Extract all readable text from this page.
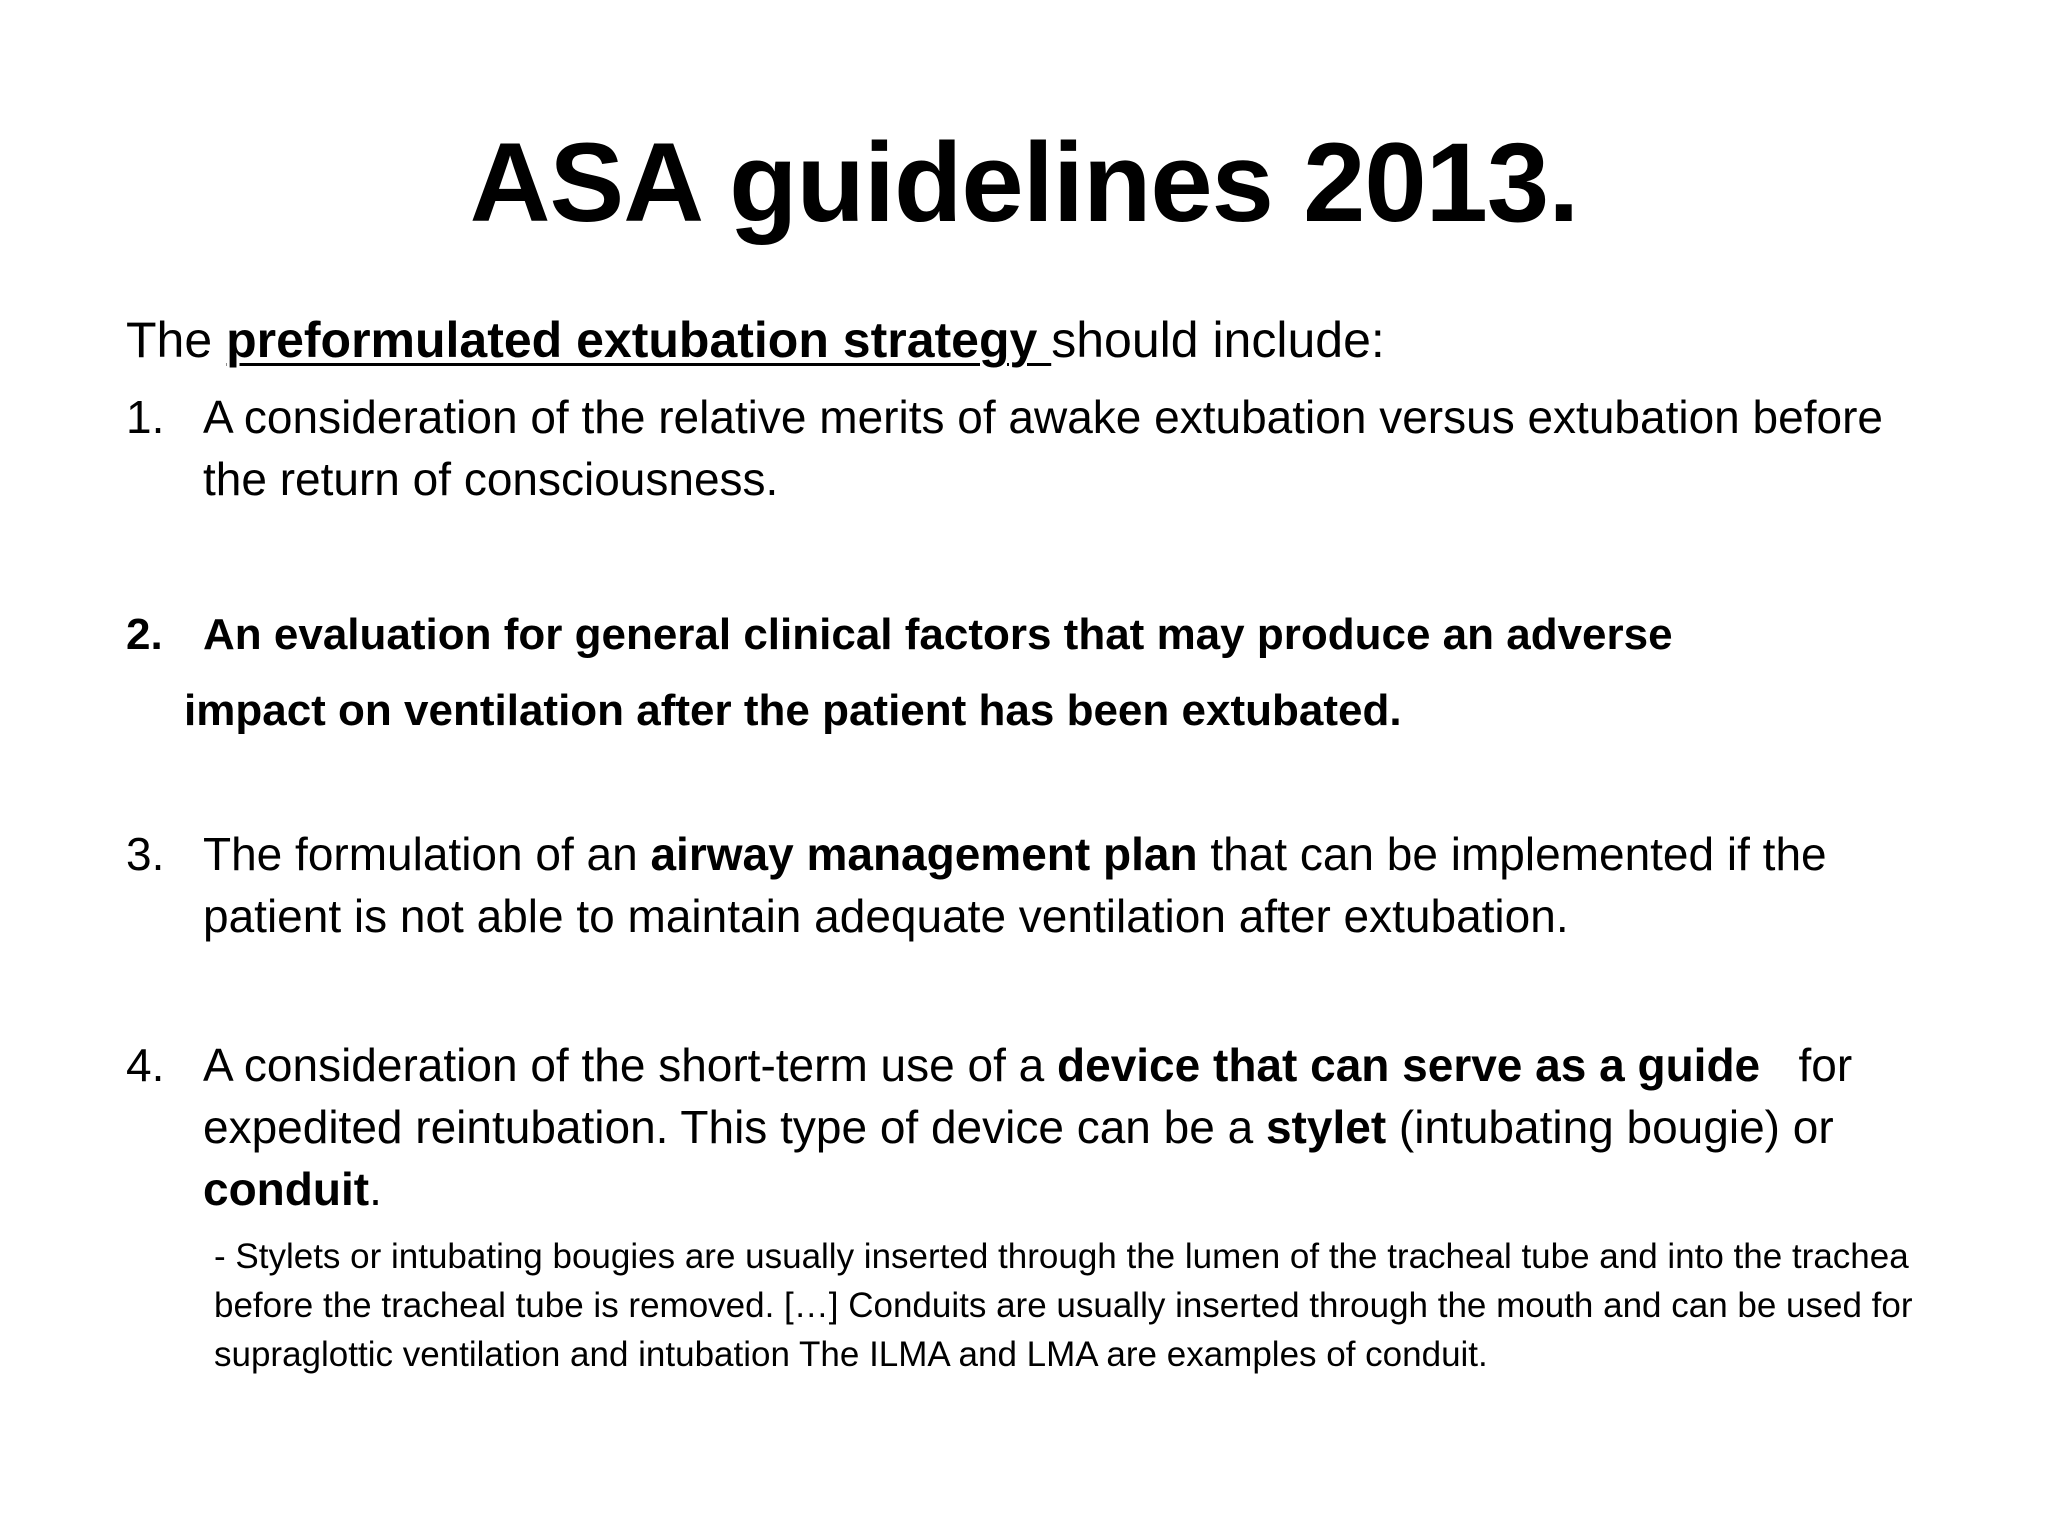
ASA guidelines 2013.
The preformulated extubation strategy should include:
1. A consideration of the relative merits of awake extubation versus extubation before the return of consciousness.
2. An evaluation for general clinical factors that may produce an adverse
impact on ventilation after the patient has been extubated.
3. The formulation of an airway management plan that can be implemented if the patient is not able to maintain adequate ventilation after extubation.
4. A consideration of the short-term use of a device that can serve as a guide   for expedited reintubation. This type of device can be a stylet (intubating bougie) or conduit.
- Stylets or intubating bougies are usually inserted through the lumen of the tracheal tube and into the trachea before the tracheal tube is removed. […] Conduits are usually inserted through the mouth and can be used for supraglottic ventilation and intubation The ILMA and LMA are examples of conduit.
